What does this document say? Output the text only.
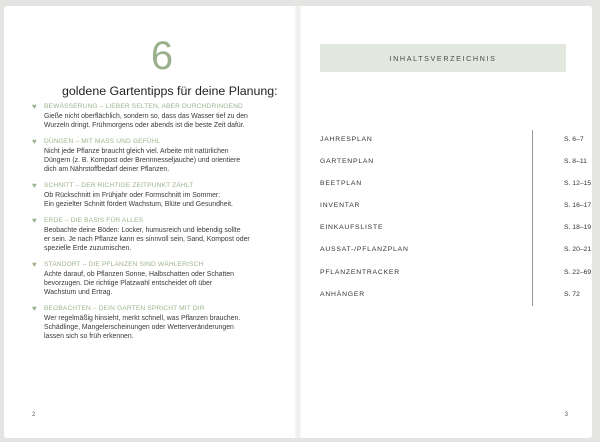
6
goldene Gartentipps für deine Planung:
♥ BEWÄSSERUNG – LIEBER SELTEN, ABER DURCHDRINGEND
Gieße nicht oberflächlich, sondern so, dass das Wasser tief zu den
Wurzeln dringt. Frühmorgens oder abends ist die beste Zeit dafür.
♥ DÜNGEN – MIT MASS UND GEFÜHL
Nicht jede Pflanze braucht gleich viel. Arbeite mit natürlichen
Düngern (z. B. Kompost oder Brennnesseljauche) und orientiere
dich am Nährstoffbedarf deiner Pflanzen.
♥ SCHNITT – DER RICHTIGE ZEITPUNKT ZÄHLT
Ob Rückschnitt im Frühjahr oder Formschnitt im Sommer:
Ein gezielter Schnitt fördert Wachstum, Blüte und Gesundheit.
♥ ERDE – DIE BASIS FÜR ALLES
Beobachte deine Böden: Locker, humusreich und lebendig sollte
er sein. Je nach Pflanze kann es sinnvoll sein, Sand, Kompost oder
spezielle Erde zuzumischen.
♥ STANDORT – DIE PFLANZEN SIND WÄHLERISCH
Achte darauf, ob Pflanzen Sonne, Halbschatten oder Schatten
bevorzugen. Die richtige Platzwahl entscheidet oft über
Wachstum und Ertrag.
♥ BEOBACHTEN – DEIN GARTEN SPRICHT MIT DIR
Wer regelmäßig hinsieht, merkt schnell, was Pflanzen brauchen.
Schädlinge, Mangelerscheinungen oder Wetterveränderungen
lassen sich so früh erkennen.
2
INHALTSVERZEICHNIS
JAHRESPLAN	S. 6–7
GARTENPLAN	S. 8–11
BEETPLAN	S. 12–15
INVENTAR	S. 16–17
EINKAUFSLISTE	S. 18–19
AUSSAT-/PFLANZPLAN	S. 20–21
PFLANZENTRACKER	S. 22–69
ANHÄNGER	S. 72
3
